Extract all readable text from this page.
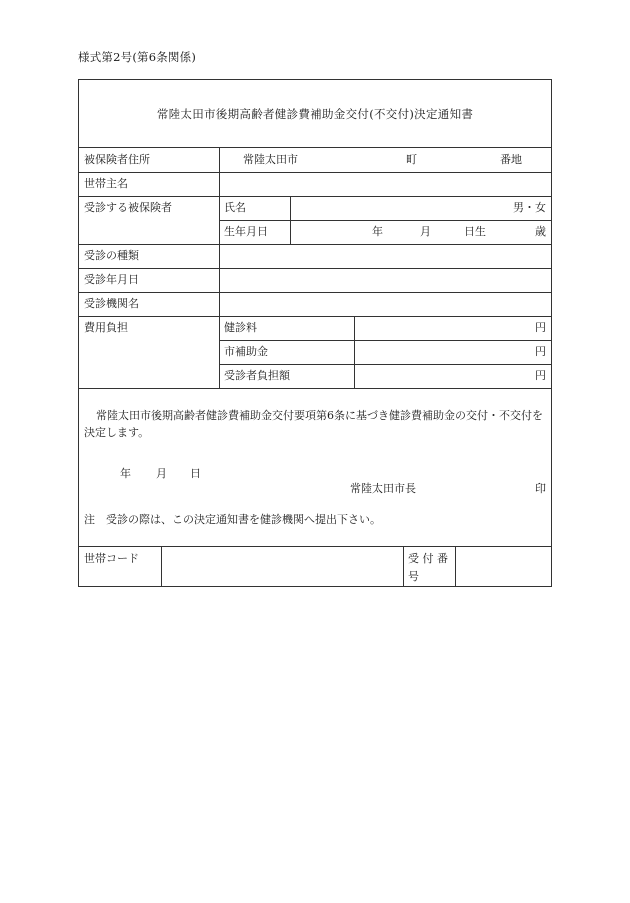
様式第2号(第6条関係)
常陸太田市後期高齢者健診費補助金交付(不交付)決定通知書
被保険者住所	常陸太田市	町	番地
世帯主名
受診する被保険者	氏名	男・女
生年月日	年	月	日生	歳
受診の種類
受診年月日
受診機関名
費用負担	健診料	円
市補助金	円
受診者負担額	円
常陸太田市後期高齢者健診費補助金交付要項第6条に基づき健診費補助金の交付・不交付を決定します。
年 月 日
常陸太田市長	印
注　受診の際は、この決定通知書を健診機関へ提出下さい。
世帯コード	受 付 番
号
